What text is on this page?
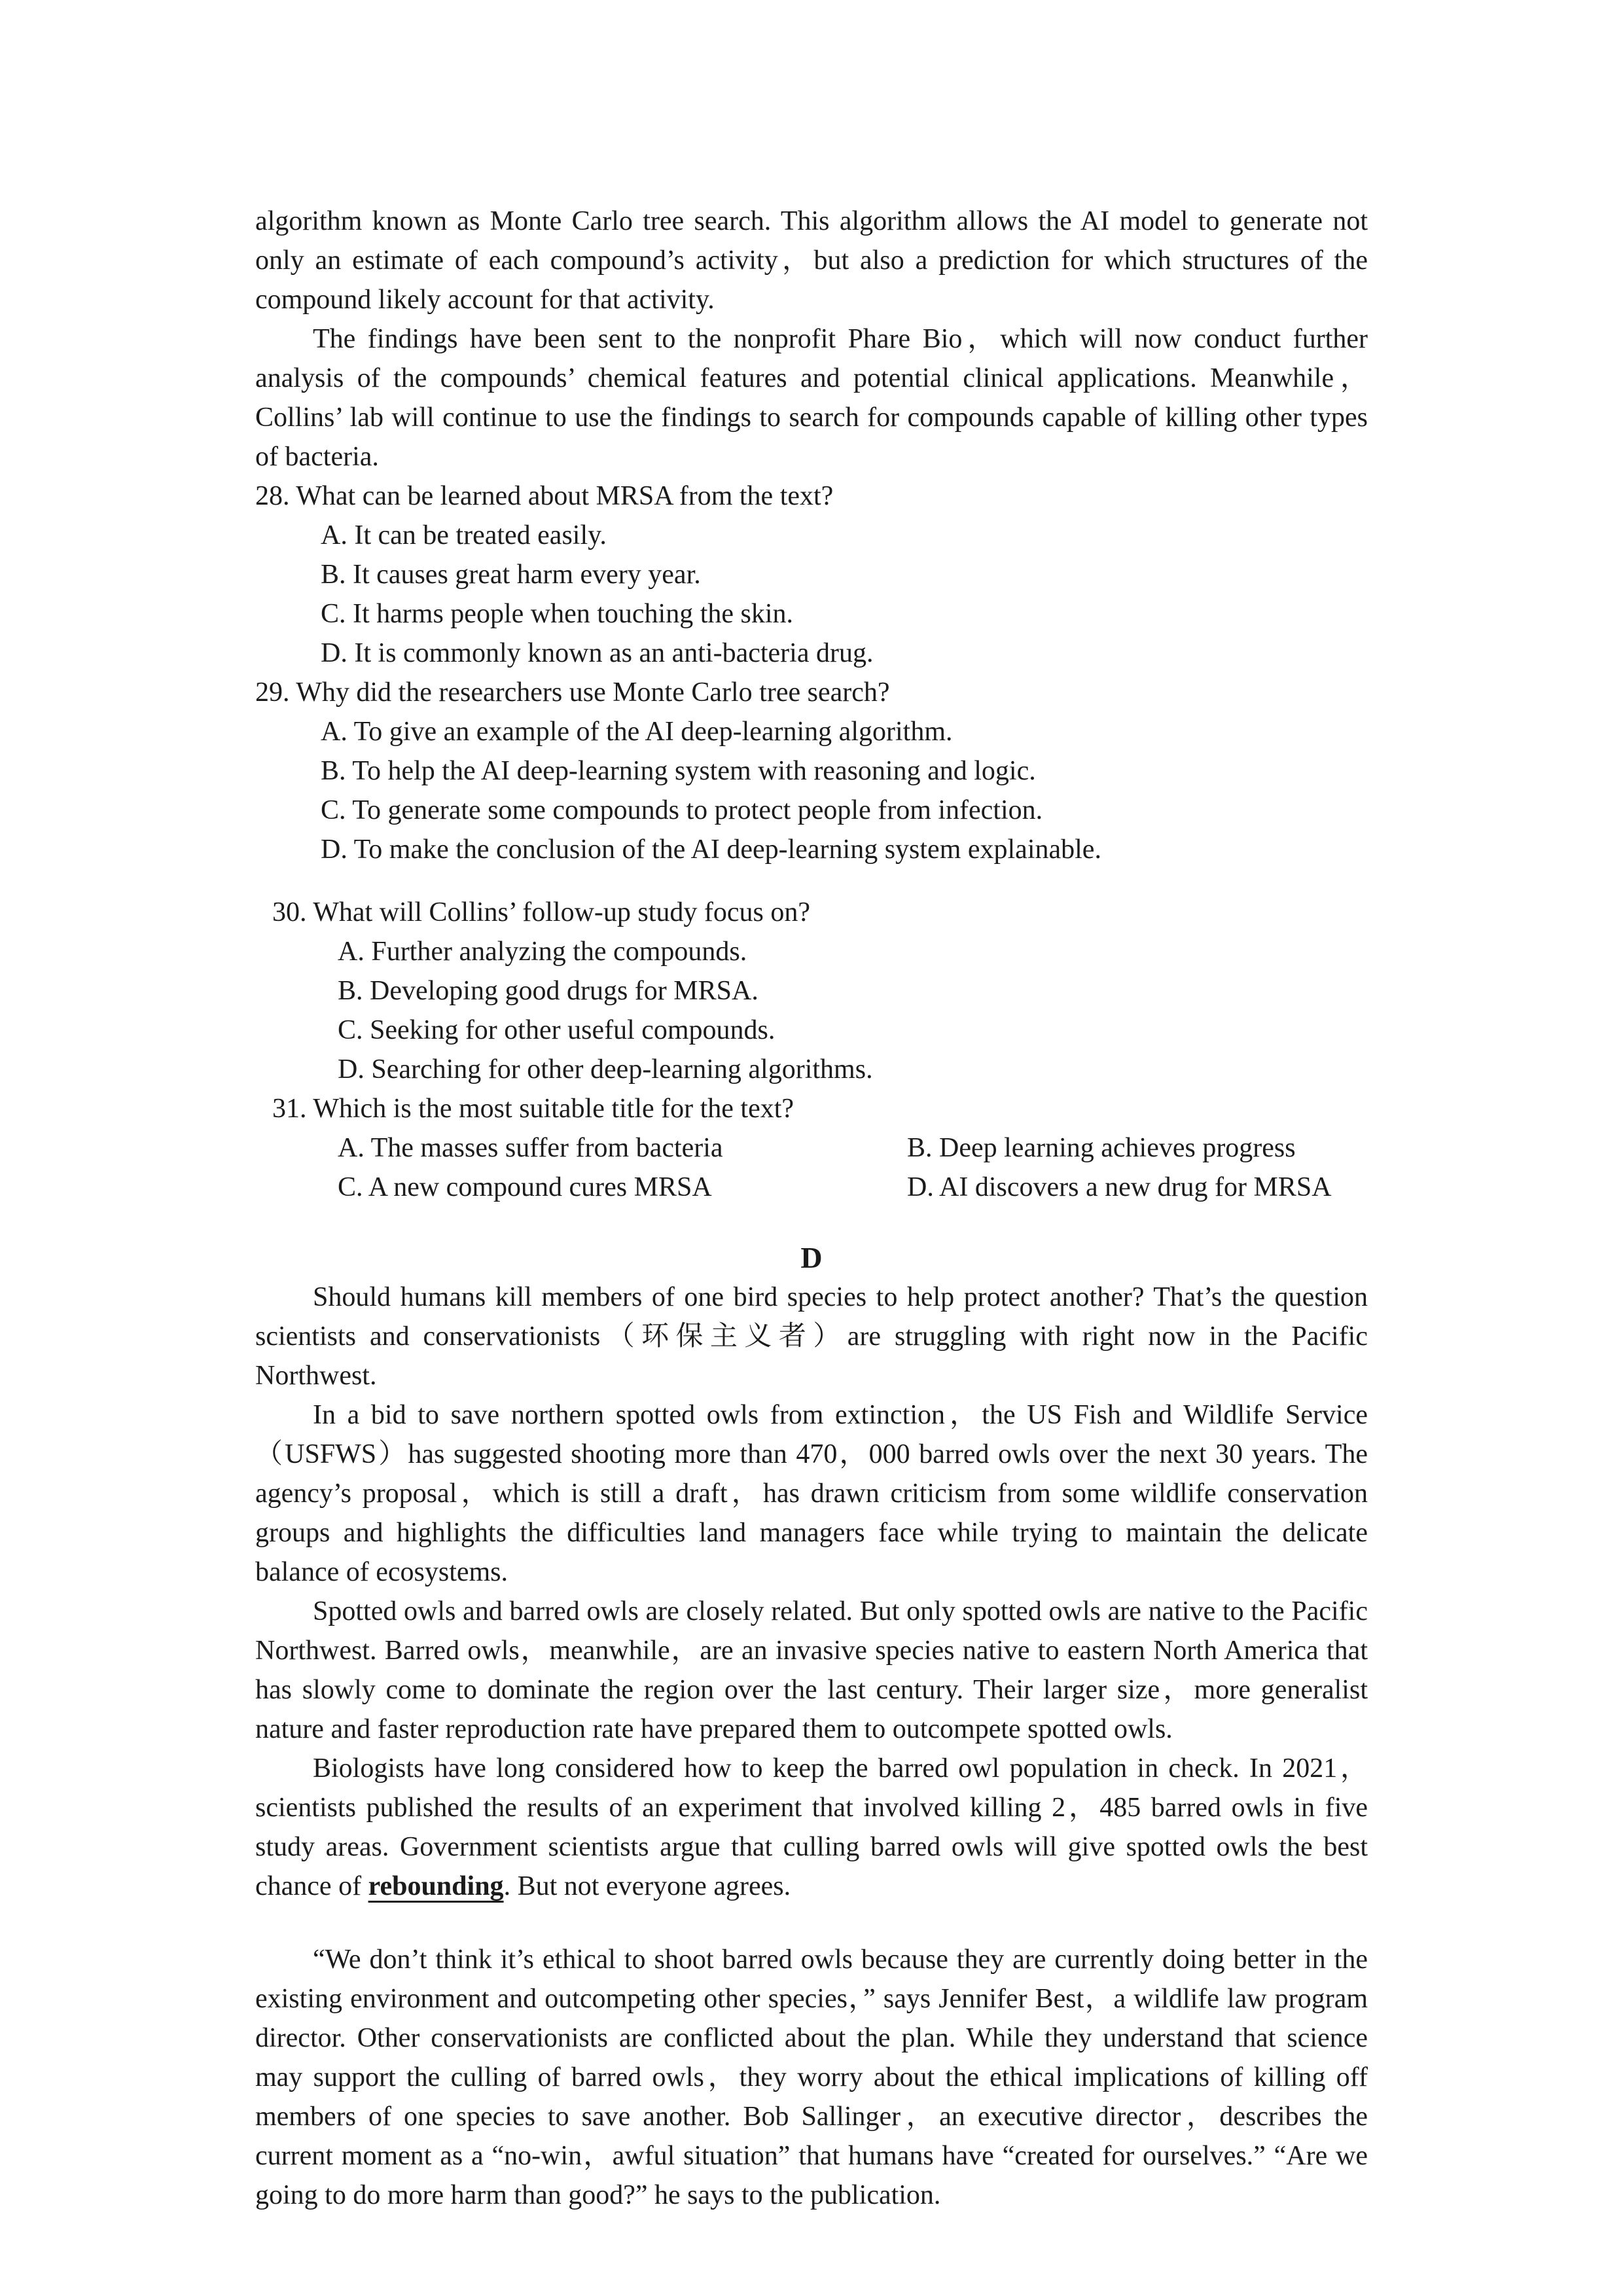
algorithm known as Monte Carlo tree search. This algorithm allows the AI model to generate not only an estimate of each compound’s activity，but also a prediction for which structures of the compound likely account for that activity.

The findings have been sent to the nonprofit Phare Bio，which will now conduct further analysis of the compounds’ chemical features and potential clinical applications. Meanwhile，Collins’ lab will continue to use the findings to search for compounds capable of killing other types of bacteria.

28. What can be learned about MRSA from the text?
A. It can be treated easily.
B. It causes great harm every year.
C. It harms people when touching the skin.
D. It is commonly known as an anti-bacteria drug.
29. Why did the researchers use Monte Carlo tree search?
A. To give an example of the AI deep-learning algorithm.
B. To help the AI deep-learning system with reasoning and logic.
C. To generate some compounds to protect people from infection.
D. To make the conclusion of the AI deep-learning system explainable.
30. What will Collins’ follow-up study focus on?
A. Further analyzing the compounds.
B. Developing good drugs for MRSA.
C. Seeking for other useful compounds.
D. Searching for other deep-learning algorithms.
31. Which is the most suitable title for the text?
A. The masses suffer from bacteria	B. Deep learning achieves progress
C. A new compound cures MRSA	D. AI discovers a new drug for MRSA

D

Should humans kill members of one bird species to help protect another? That’s the question scientists and conservationists（环保主义者）are struggling with right now in the Pacific Northwest.

In a bid to save northern spotted owls from extinction，the US Fish and Wildlife Service（USFWS）has suggested shooting more than 470，000 barred owls over the next 30 years. The agency’s proposal，which is still a draft，has drawn criticism from some wildlife conservation groups and highlights the difficulties land managers face while trying to maintain the delicate balance of ecosystems.

Spotted owls and barred owls are closely related. But only spotted owls are native to the Pacific Northwest. Barred owls，meanwhile，are an invasive species native to eastern North America that has slowly come to dominate the region over the last century. Their larger size，more generalist nature and faster reproduction rate have prepared them to outcompete spotted owls.

Biologists have long considered how to keep the barred owl population in check. In 2021，scientists published the results of an experiment that involved killing 2，485 barred owls in five study areas. Government scientists argue that culling barred owls will give spotted owls the best chance of rebounding. But not everyone agrees.

“We don’t think it’s ethical to shoot barred owls because they are currently doing better in the existing environment and outcompeting other species，” says Jennifer Best，a wildlife law program director. Other conservationists are conflicted about the plan. While they understand that science may support the culling of barred owls，they worry about the ethical implications of killing off members of one species to save another. Bob Sallinger，an executive director，describes the current moment as a “no-win，awful situation” that humans have “created for ourselves.” “Are we going to do more harm than good?” he says to the publication.
